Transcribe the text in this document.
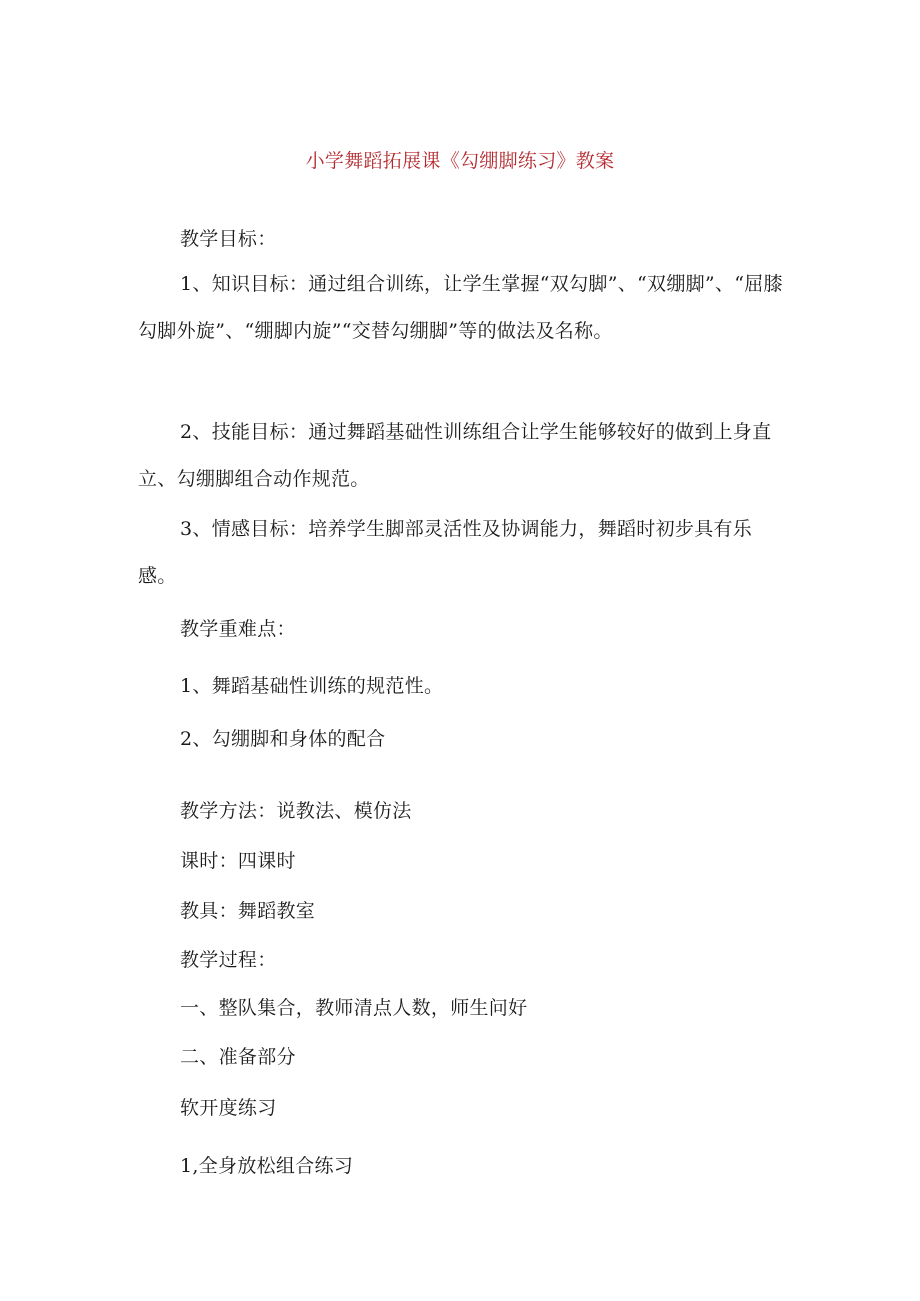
小学舞蹈拓展课《勾绷脚练习》教案
教学目标：

1、知识目标：通过组合训练，让学生掌握“双勾脚”、“双绷脚”、“屈膝勾脚外旋”、“绷脚内旋”“交替勾绷脚”等的做法及名称。

2、技能目标：通过舞蹈基础性训练组合让学生能够较好的做到上身直立、勾绷脚组合动作规范。

3、情感目标：培养学生脚部灵活性及协调能力，舞蹈时初步具有乐感。

教学重难点：
1、舞蹈基础性训练的规范性。
2、勾绷脚和身体的配合
教学方法：说教法、模仿法
课时：四课时
教具：舞蹈教室
教学过程：
一、整队集合，教师清点人数，师生问好
二、准备部分
软开度练习
1,全身放松组合练习
